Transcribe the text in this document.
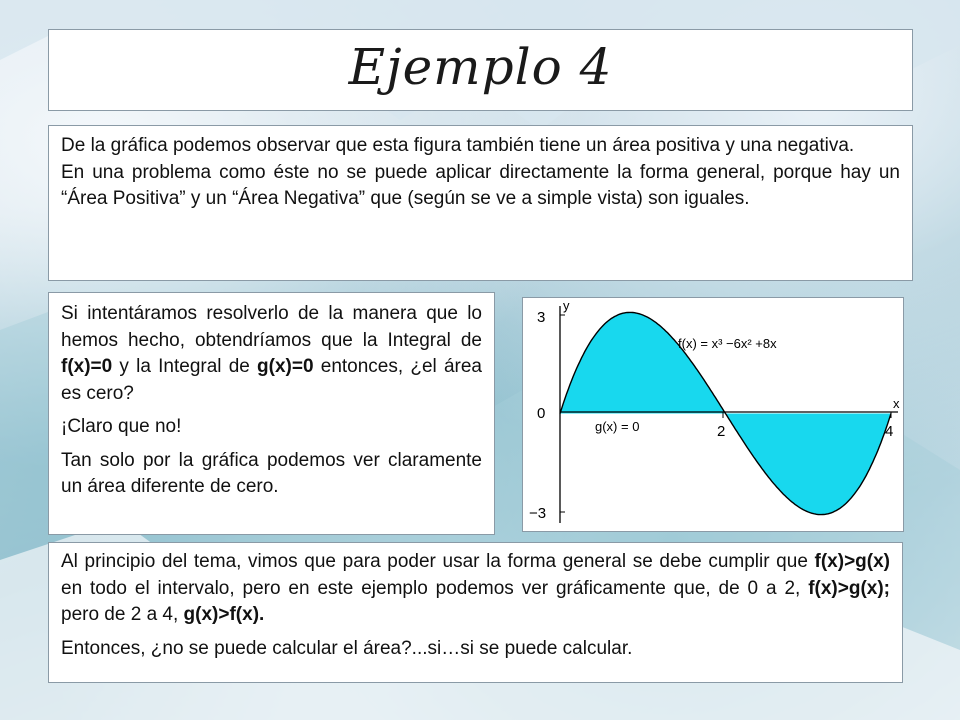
Ejemplo 4

De la gráfica podemos observar que esta figura también tiene un área positiva y una negativa.

En una problema como éste no se puede aplicar directamente la forma general, porque hay un “Área Positiva” y un “Área Negativa” que (según se ve a simple vista) son iguales.

Si intentáramos resolverlo de la manera que lo hemos hecho, obtendríamos que la Integral de f(x)=0 y la Integral de g(x)=0 entonces, ¿el área es cero?

¡Claro que no!

Tan solo por la gráfica podemos ver claramente un área diferente de cero.

y
x
3
0
−3
2	4
f(x) = x³ −6x² +8x
g(x) = 0

Al principio del tema, vimos que para poder usar la forma general se debe cumplir que f(x)>g(x) en todo el intervalo, pero en este ejemplo podemos ver gráficamente que, de 0 a 2, f(x)>g(x); pero de 2 a 4, g(x)>f(x).

Entonces, ¿no se puede calcular el área?...si…si se puede calcular.
